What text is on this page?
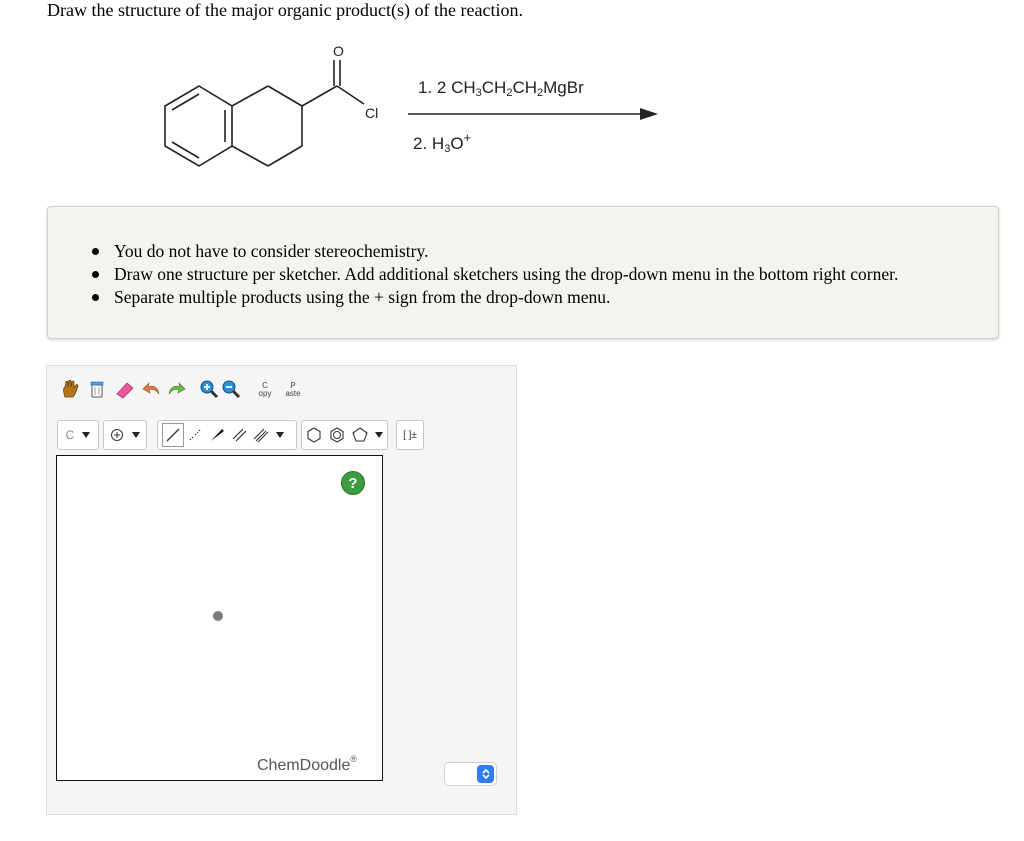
Draw the structure of the major organic product(s) of the reaction.
O
Cl
1. 2 $CH_3CH_2CH_2MgBr$
2. $H_3O^+$
You do not have to consider stereochemistry.
Draw one structure per sketcher. Add additional sketchers using the drop-down menu in the bottom right corner.
Separate multiple products using the + sign from the drop-down menu.
C
opy
P
aste
C	[ ]±
?
ChemDoodle®
